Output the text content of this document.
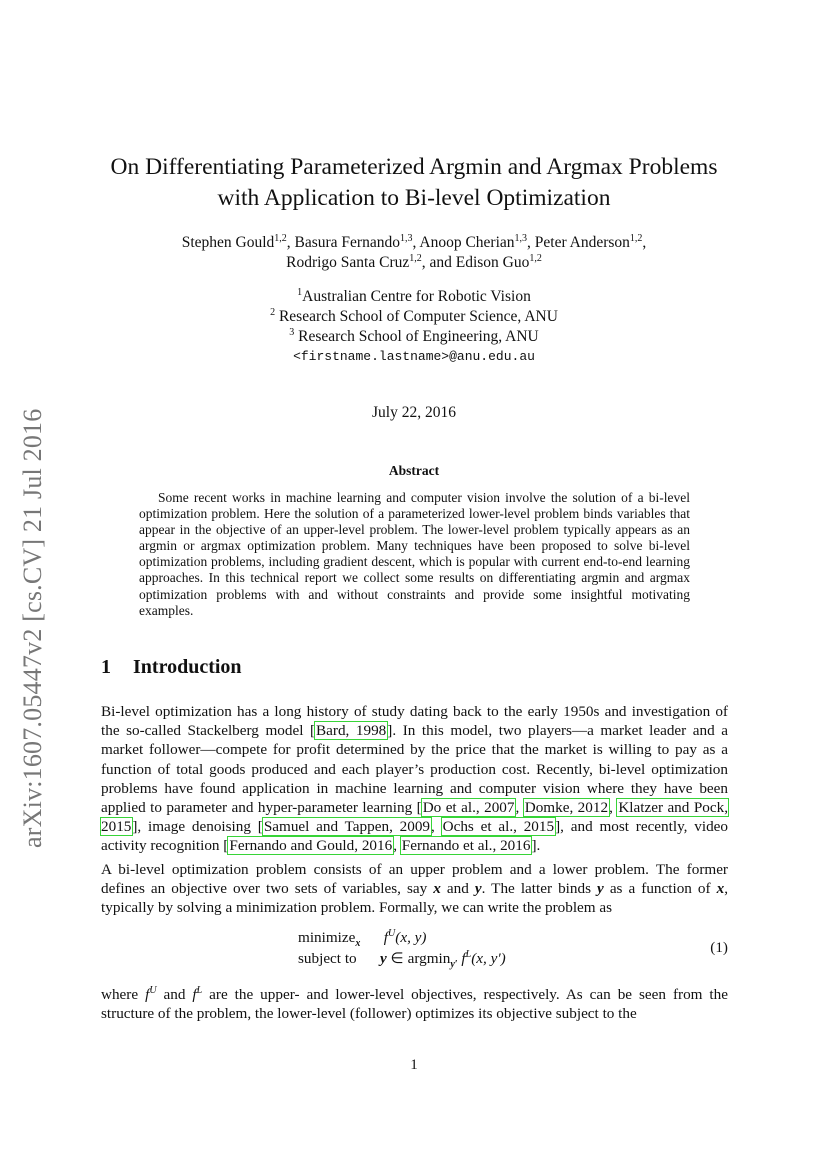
arXiv:1607.05447v2 [cs.CV] 21 Jul 2016
On Differentiating Parameterized Argmin and Argmax Problems
with Application to Bi-level Optimization
Stephen Gould$^{1,2}$, Basura Fernando$^{1,3}$, Anoop Cherian$^{1,3}$, Peter Anderson$^{1,2}$,
Rodrigo Santa Cruz$^{1,2}$, and Edison Guo$^{1,2}$
$^1$Australian Centre for Robotic Vision
$^2$ Research School of Computer Science, ANU
$^3$ Research School of Engineering, ANU
<firstname.lastname>@anu.edu.au
July 22, 2016
Abstract
Some recent works in machine learning and computer vision involve the solution of a bi-level optimization problem. Here the solution of a parameterized lower-level problem binds variables that appear in the objective of an upper-level problem. The lower-level problem typically appears as an argmin or argmax optimization problem. Many techniques have been proposed to solve bi-level optimization problems, including gradient descent, which is popular with current end-to-end learning approaches. In this technical report we collect some results on differentiating argmin and argmax optimization problems with and without constraints and provide some insightful motivating examples.
1 Introduction
Bi-level optimization has a long history of study dating back to the early 1950s and investigation of the so-called Stackelberg model [Bard, 1998]. In this model, two players—a market leader and a market follower—compete for profit determined by the price that the market is willing to pay as a function of total goods produced and each player’s production cost. Recently, bi-level optimization problems have found application in machine learning and computer vision where they have been applied to parameter and hyper-parameter learning [Do et al., 2007, Domke, 2012, Klatzer and Pock, 2015], image denoising [Samuel and Tappen, 2009, Ochs et al., 2015], and most recently, video activity recognition [Fernando and Gould, 2016, Fernando et al., 2016].
A bi-level optimization problem consists of an upper problem and a lower problem. The former defines an objective over two sets of variables, say x and y. The latter binds y as a function of x, typically by solving a minimization problem. Formally, we can write the problem as
minimize$_x$ $f^U(x$, y)
subject to y ∈ argmin$_{y'}$ $f^L(x$, y′)
(1)
where $f^U$ and $f^L$ are the upper- and lower-level objectives, respectively. As can be seen from the structure of the problem, the lower-level (follower) optimizes its objective subject to the
1
